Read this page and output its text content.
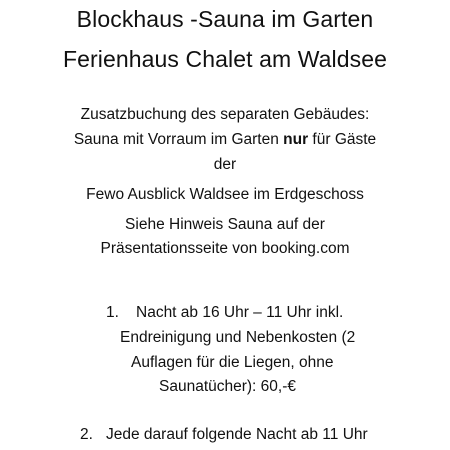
Blockhaus -Sauna im Garten
Ferienhaus Chalet am Waldsee
Zusatzbuchung des separaten Gebäudes:
Sauna mit Vorraum im Garten nur für Gäste
der
Fewo Ausblick Waldsee im Erdgeschoss
Siehe Hinweis Sauna auf der
Präsentationsseite von booking.com
1. Nacht ab 16 Uhr – 11 Uhr inkl.
Endreinigung und Nebenkosten (2
Auflagen für die Liegen, ohne
Saunatücher): 60,-€
2. Jede darauf folgende Nacht ab 11 Uhr
